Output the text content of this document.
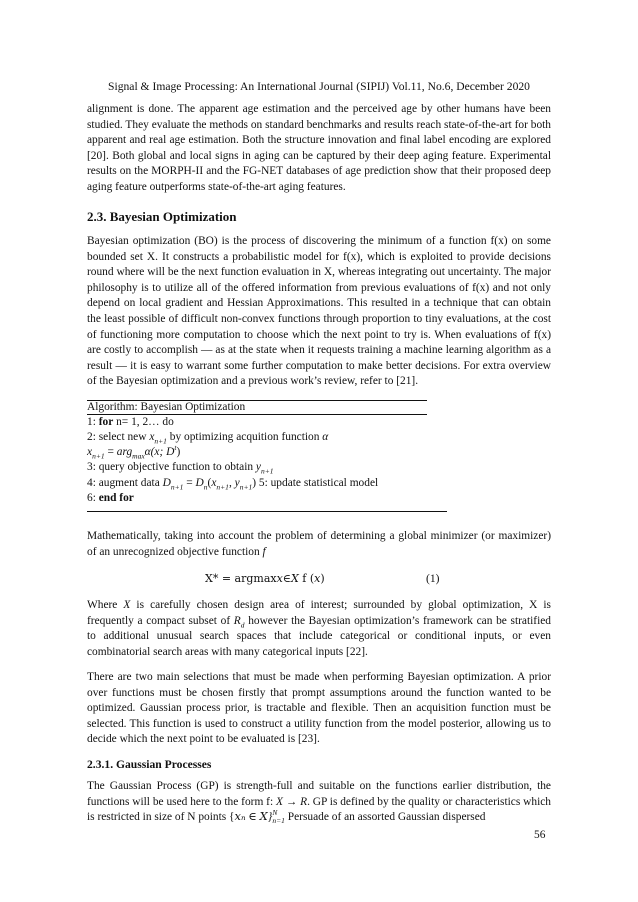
Signal & Image Processing: An International Journal (SIPIJ) Vol.11, No.6, December 2020

alignment is done. The apparent age estimation and the perceived age by other humans have been studied. They evaluate the methods on standard benchmarks and results reach state-of-the-art for both apparent and real age estimation. Both the structure innovation and final label encoding are explored [20]. Both global and local signs in aging can be captured by their deep aging feature. Experimental results on the MORPH-II and the FG-NET databases of age prediction show that their proposed deep aging feature outperforms state-of-the-art aging features.

2.3. Bayesian Optimization

Bayesian optimization (BO) is the process of discovering the minimum of a function f(x) on some bounded set X. It constructs a probabilistic model for f(x), which is exploited to provide decisions round where will be the next function evaluation in X, whereas integrating out uncertainty. The major philosophy is to utilize all of the offered information from previous evaluations of f(x) and not only depend on local gradient and Hessian Approximations. This resulted in a technique that can obtain the least possible of difficult non-convex functions through proportion to tiny evaluations, at the cost of functioning more computation to choose which the next point to try is. When evaluations of f(x) are costly to accomplish — as at the state when it requests training a machine learning algorithm as a result — it is easy to warrant some further computation to make better decisions. For extra overview of the Bayesian optimization and a previous work’s review, refer to [21].

Algorithm: Bayesian Optimization
1: for n= 1, 2… do
2: select new $x_{n+1}$ by optimizing acquition function α
$x_{n+1} = arg_{max}\alpha(x$; $D^t$)
3: query objective function to obtain $y_{n+1}$
4: augment data $D_{n+1} = D_n(x_{n+1}$, $y_{n+1}$) 5: update statistical model
6: end for

Mathematically, taking into account the problem of determining a global minimizer (or maximizer) of an unrecognized objective function f

X* = argmax𝑥∈𝑋 f (𝑥)	(1)

Where X is carefully chosen design area of interest; surrounded by global optimization, X is frequently a compact subset of $R_d$ however the Bayesian optimization’s framework can be stratified to additional unusual search spaces that include categorical or conditional inputs, or even combinatorial search areas with many categorical inputs [22].

There are two main selections that must be made when performing Bayesian optimization. A prior over functions must be chosen firstly that prompt assumptions around the function wanted to be optimized. Gaussian process prior, is tractable and flexible. Then an acquisition function must be selected. This function is used to construct a utility function from the model posterior, allowing us to decide which the next point to be evaluated is [23].

2.3.1. Gaussian Processes

The Gaussian Process (GP) is strength-full and suitable on the functions earlier distribution, the functions will be used here to the form f: X → R. GP is defined by the quality or characteristics which is restricted in size of N points {𝑥ₙ ∈ 𝑋}$^N_{n=1}$ Persuade of an assorted Gaussian dispersed

56
